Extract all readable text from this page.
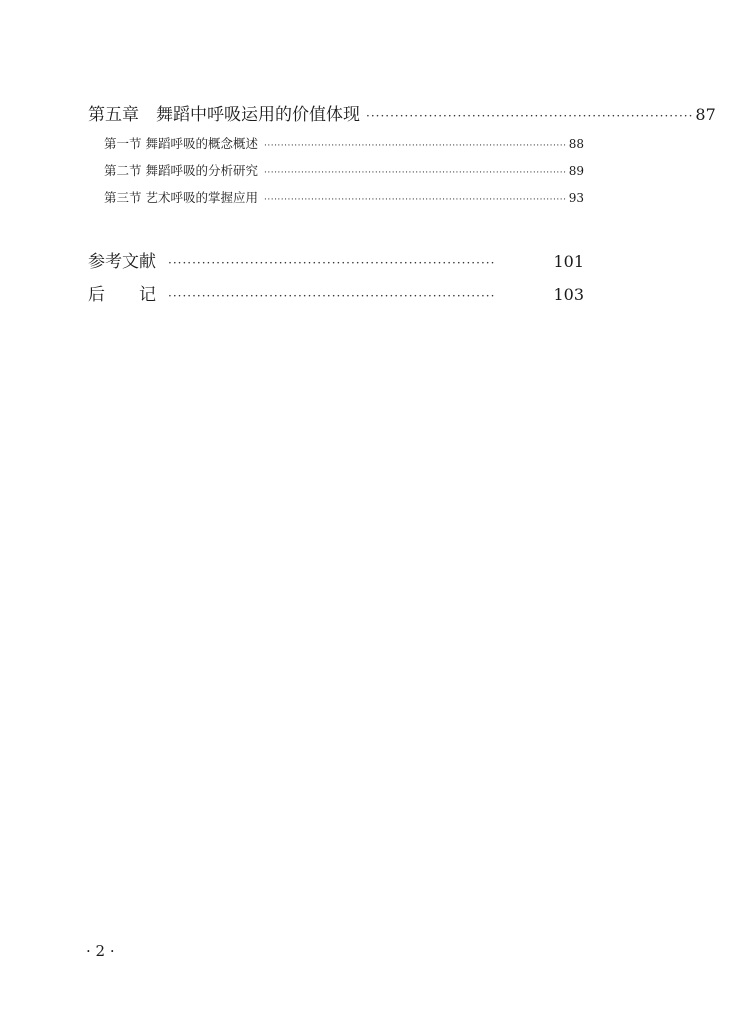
第五章　舞蹈中呼吸运用的价值体现 ···································································· 87
第一节 舞蹈呼吸的概念概述 ·························································································· 88
第二节 舞蹈呼吸的分析研究 ·························································································· 89
第三节 艺术呼吸的掌握应用 ·························································································· 93
参考文献 ····································································	101
后记
····································································	103
· 2 ·
